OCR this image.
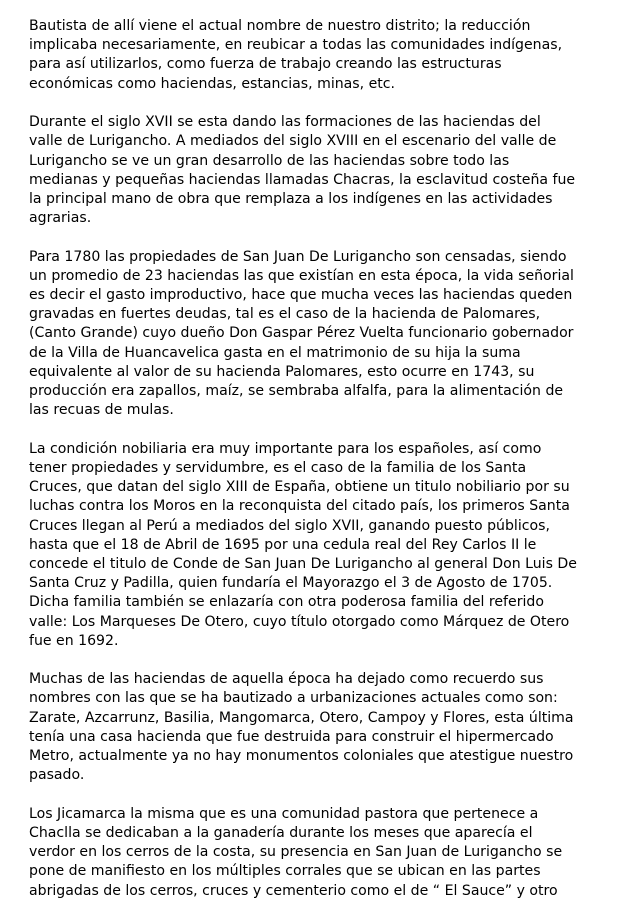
Bautista de allí viene el actual nombre de nuestro distrito; la reducción
implicaba necesariamente, en reubicar a todas las comunidades indígenas,
para así utilizarlos, como fuerza de trabajo creando las estructuras
económicas como haciendas, estancias, minas, etc.

Durante el siglo XVII se esta dando las formaciones de las haciendas del
valle de Lurigancho. A mediados del siglo XVIII en el escenario del valle de
Lurigancho se ve un gran desarrollo de las haciendas sobre todo las
medianas y pequeñas haciendas llamadas Chacras, la esclavitud costeña fue
la principal mano de obra que remplaza a los indígenes en las actividades
agrarias.

Para 1780 las propiedades de San Juan De Lurigancho son censadas, siendo
un promedio de 23 haciendas las que existían en esta época, la vida señorial
es decir el gasto improductivo, hace que mucha veces las haciendas queden
gravadas en fuertes deudas, tal es el caso de la hacienda de Palomares,
(Canto Grande) cuyo dueño Don Gaspar Pérez Vuelta funcionario gobernador
de la Villa de Huancavelica gasta en el matrimonio de su hija la suma
equivalente al valor de su hacienda Palomares, esto ocurre en 1743, su
producción era zapallos, maíz, se sembraba alfalfa, para la alimentación de
las recuas de mulas.

La condición nobiliaria era muy importante para los españoles, así como
tener propiedades y servidumbre, es el caso de la familia de los Santa
Cruces, que datan del siglo XIII de España, obtiene un titulo nobiliario por su
luchas contra los Moros en la reconquista del citado país, los primeros Santa
Cruces llegan al Perú a mediados del siglo XVII, ganando puesto públicos,
hasta que el 18 de Abril de 1695 por una cedula real del Rey Carlos II le
concede el titulo de Conde de San Juan De Lurigancho al general Don Luis De
Santa Cruz y Padilla, quien fundaría el Mayorazgo el 3 de Agosto de 1705.
Dicha familia también se enlazaría con otra poderosa familia del referido
valle: Los Marqueses De Otero, cuyo título otorgado como Márquez de Otero
fue en 1692.

Muchas de las haciendas de aquella época ha dejado como recuerdo sus
nombres con las que se ha bautizado a urbanizaciones actuales como son:
Zarate, Azcarrunz, Basilia, Mangomarca, Otero, Campoy y Flores, esta última
tenía una casa hacienda que fue destruida para construir el hipermercado
Metro, actualmente ya no hay monumentos coloniales que atestigue nuestro
pasado.

Los Jicamarca la misma que es una comunidad pastora que pertenece a
Chaclla se dedicaban a la ganadería durante los meses que aparecía el
verdor en los cerros de la costa, su presencia en San Juan de Lurigancho se
pone de manifiesto en los múltiples corrales que se ubican en las partes
abrigadas de los cerros, cruces y cementerio como el de “ El Sauce” y otro
